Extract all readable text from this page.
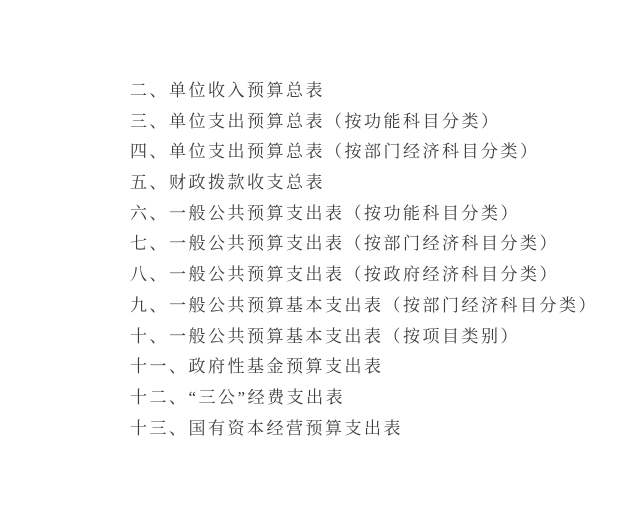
二、单位收入预算总表
三、单位支出预算总表（按功能科目分类）
四、单位支出预算总表（按部门经济科目分类）
五、财政拨款收支总表
六、一般公共预算支出表（按功能科目分类）
七、一般公共预算支出表（按部门经济科目分类）
八、一般公共预算支出表（按政府经济科目分类）
九、一般公共预算基本支出表（按部门经济科目分类）
十、一般公共预算基本支出表（按项目类别）
十一、政府性基金预算支出表
十二、“三公”经费支出表
十三、国有资本经营预算支出表
